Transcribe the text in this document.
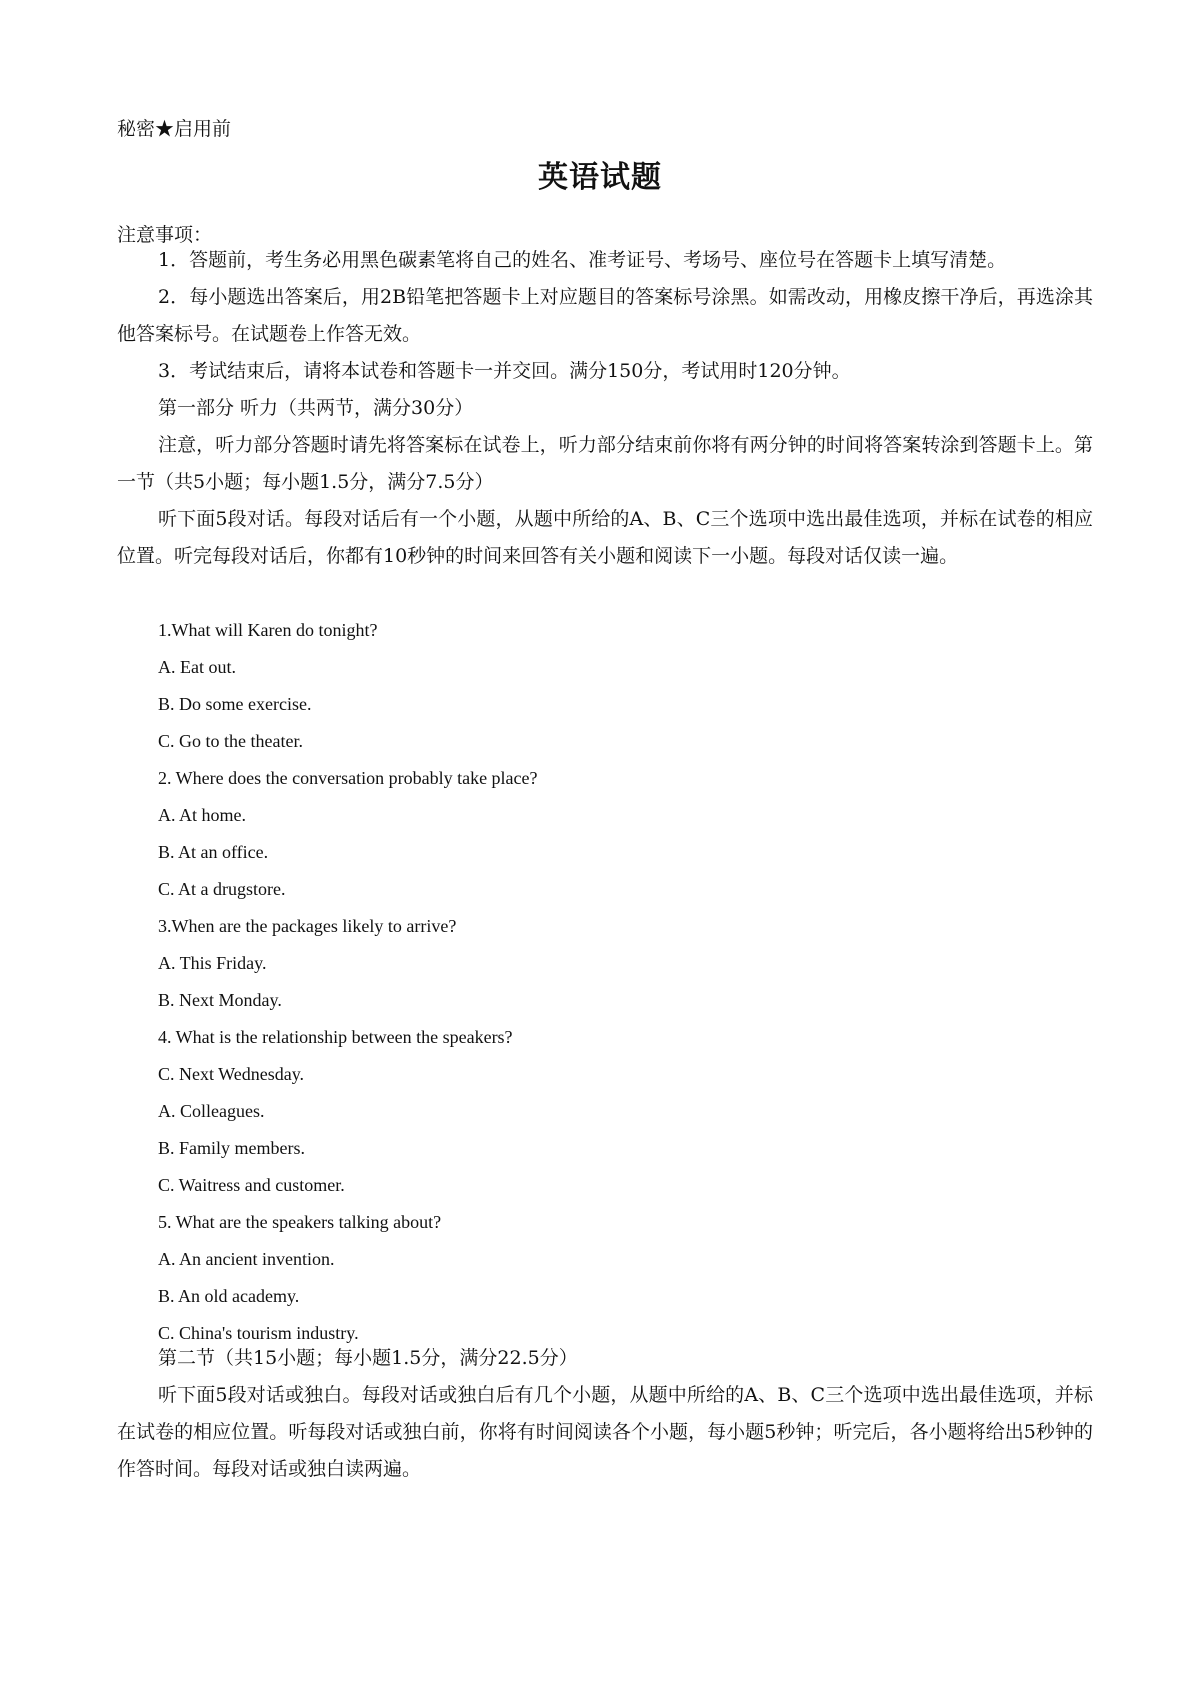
秘密★启用前
英语试题
注意事项：
1．答题前，考生务必用黑色碳素笔将自己的姓名、准考证号、考场号、座位号在答题卡上填写清楚。
2．每小题选出答案后，用2B铅笔把答题卡上对应题目的答案标号涂黑。如需改动，用橡皮擦干净后，再选涂其他答案标号。在试题卷上作答无效。
3．考试结束后，请将本试卷和答题卡一并交回。满分150分，考试用时120分钟。
第一部分 听力（共两节，满分30分）
注意，听力部分答题时请先将答案标在试卷上，听力部分结束前你将有两分钟的时间将答案转涂到答题卡上。第一节（共5小题；每小题1.5分，满分7.5分）
听下面5段对话。每段对话后有一个小题，从题中所给的A、B、C三个选项中选出最佳选项，并标在试卷的相应位置。听完每段对话后，你都有10秒钟的时间来回答有关小题和阅读下一小题。每段对话仅读一遍。
1.What will Karen do tonight?
A. Eat out.
B. Do some exercise.
C. Go to the theater.
2. Where does the conversation probably take place?
A. At home.
B. At an office.
C. At a drugstore.
3.When are the packages likely to arrive?
A. This Friday.
B. Next Monday.
4. What is the relationship between the speakers?
C. Next Wednesday.
A. Colleagues.
B. Family members.
C. Waitress and customer.
5. What are the speakers talking about?
A. An ancient invention.
B. An old academy.
C. China's tourism industry.
第二节（共15小题；每小题1.5分，满分22.5分）
听下面5段对话或独白。每段对话或独白后有几个小题，从题中所给的A、B、C三个选项中选出最佳选项，并标在试卷的相应位置。听每段对话或独白前，你将有时间阅读各个小题，每小题5秒钟；听完后，各小题将给出5秒钟的作答时间。每段对话或独白读两遍。
